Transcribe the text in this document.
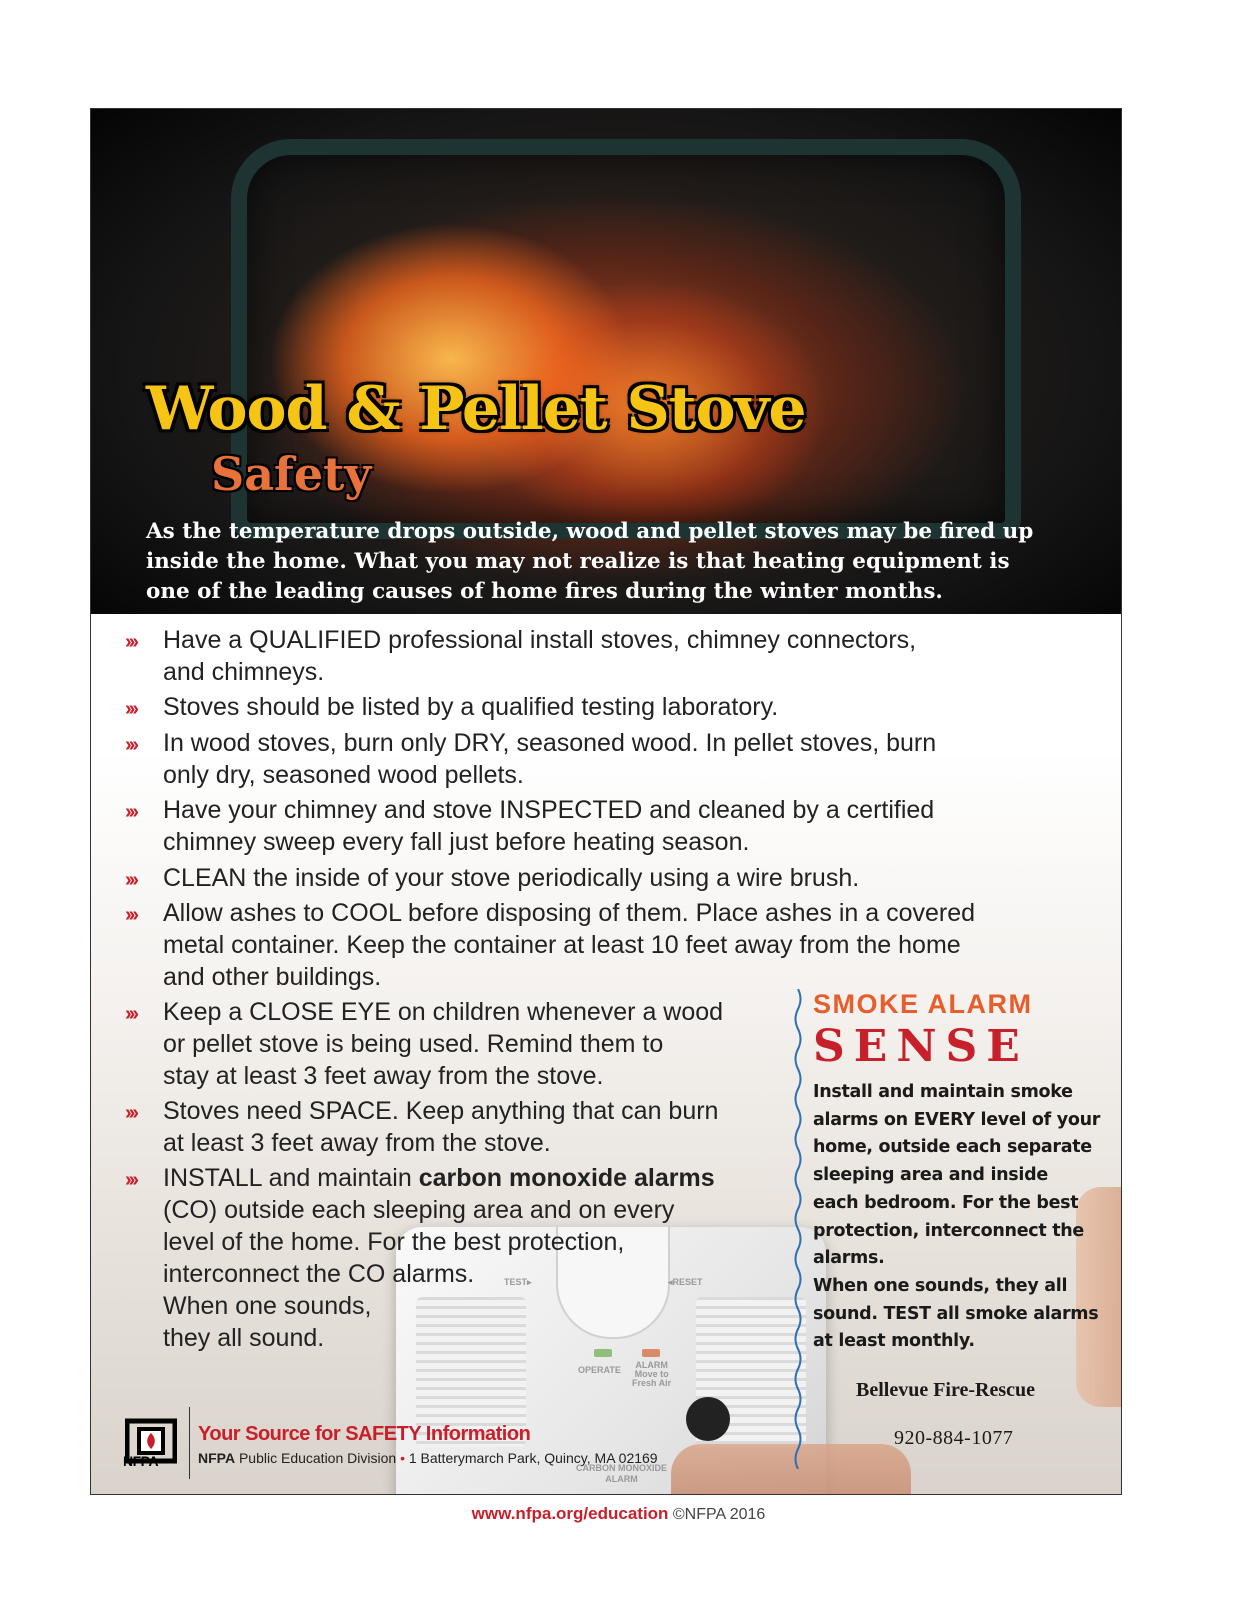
Wood & Pellet Stove
Safety

As the temperature drops outside, wood and pellet stoves may be fired up
inside the home. What you may not realize is that heating equipment is
one of the leading causes of home fires during the winter months.

TEST▸	◂RESET
OPERATE	ALARM
Move to
Fresh Air
CARBON MONOXIDE
ALARM
››› Have a QUALIFIED professional install stoves, chimney connectors,
and chimneys.
››› Stoves should be listed by a qualified testing laboratory.
››› In wood stoves, burn only DRY, seasoned wood. In pellet stoves, burn
only dry, seasoned wood pellets.
››› Have your chimney and stove INSPECTED and cleaned by a certified
chimney sweep every fall just before heating season.
››› CLEAN the inside of your stove periodically using a wire brush.
››› Allow ashes to COOL before disposing of them. Place ashes in a covered
metal container. Keep the container at least 10 feet away from the home
and other buildings.
››› Keep a CLOSE EYE on children whenever a wood
or pellet stove is being used. Remind them to
stay at least 3 feet away from the stove.
››› Stoves need SPACE. Keep anything that can burn
at least 3 feet away from the stove.
››› INSTALL and maintain carbon monoxide alarms
(CO) outside each sleeping area and on every
level of the home. For the best protection,
interconnect the CO alarms.
When one sounds,
they all sound.
SMOKE ALARM
SENSE

Install and maintain smoke
alarms on EVERY level of your
home, outside each separate
sleeping area and inside
each bedroom. For the best
protection, interconnect the
alarms.
When one sounds, they all
sound. TEST all smoke alarms
at least monthly.

Bellevue Fire-Rescue

920-884-1077

NFPA

Your Source for SAFETY Information

NFPA Public Education Division • 1 Batterymarch Park, Quincy, MA 02169

www.nfpa.org/education ©NFPA 2016
